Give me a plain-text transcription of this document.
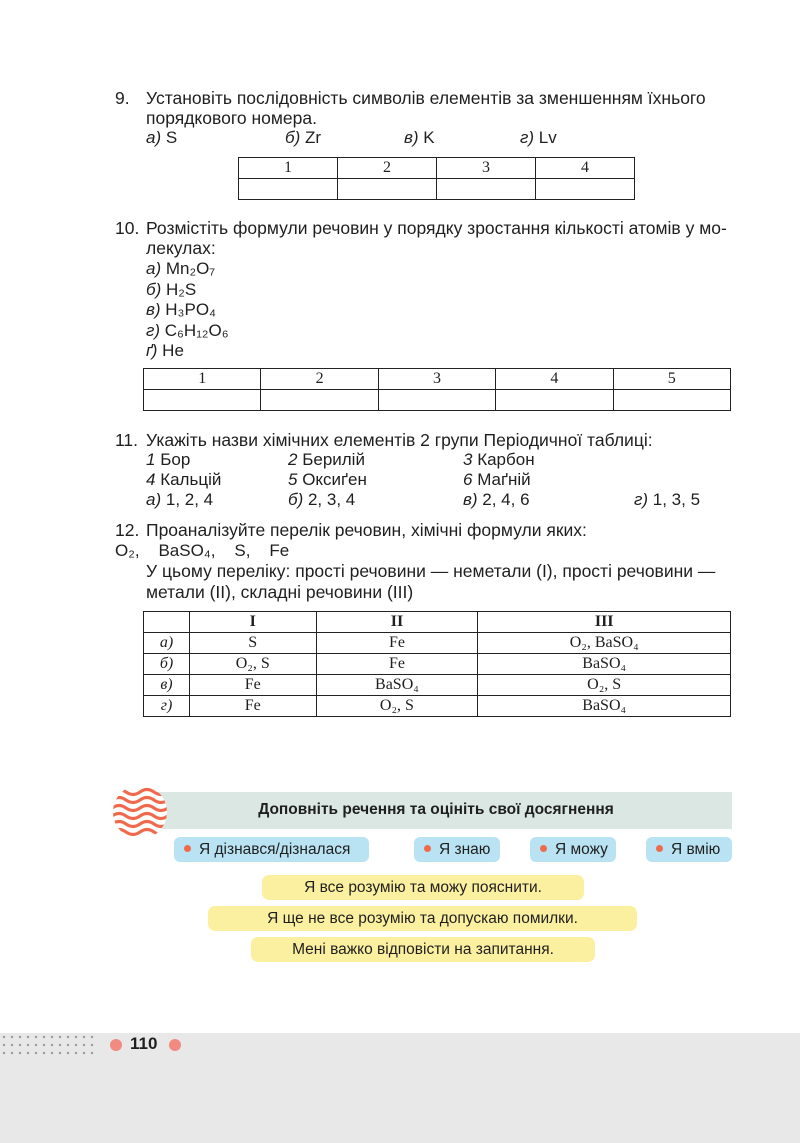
9. Установіть послідовність символів елементів за зменшенням їхнього
порядкового номера.
а) S	б) Zr	в) K	г) Lv
1	2	3	4

10. Розмістіть формули речовин у порядку зростання кількості атомів у мо-
лекулах:
а) Mn₂O₇
б) H₂S
в) H₃PO₄
г) C₆H₁₂O₆
ґ) He
1	2	3	4	5

11. Укажіть назви хімічних елементів 2 групи Періодичної таблиці:
1 Бор	2 Берилій	3 Карбон
4 Кальцій	5 Оксиґен	6 Маґній
а) 1, 2, 4	б) 2, 3, 4	в) 2, 4, 6	г) 1, 3, 5
12. Проаналізуйте перелік речовин, хімічні формули яких:
O₂, BaSO₄, S, Fe
У цьому переліку: прості речовини — неметали (I), прості речовини —
метали (II), складні речовини (III)
	I	II	III
а)	S	Fe	O₂, BaSO₄
б)	O₂, S	Fe	BaSO₄
в)	Fe	BaSO₄	O₂, S
г)	Fe	O₂, S	BaSO₄
Доповніть речення та оцініть свої досягнення
Я дізнався/дізналася	Я знаю	Я можу	Я вмію
Я все розумію та можу пояснити.
Я ще не все розумію та допускаю помилки.
Мені важко відповісти на запитання.
110
